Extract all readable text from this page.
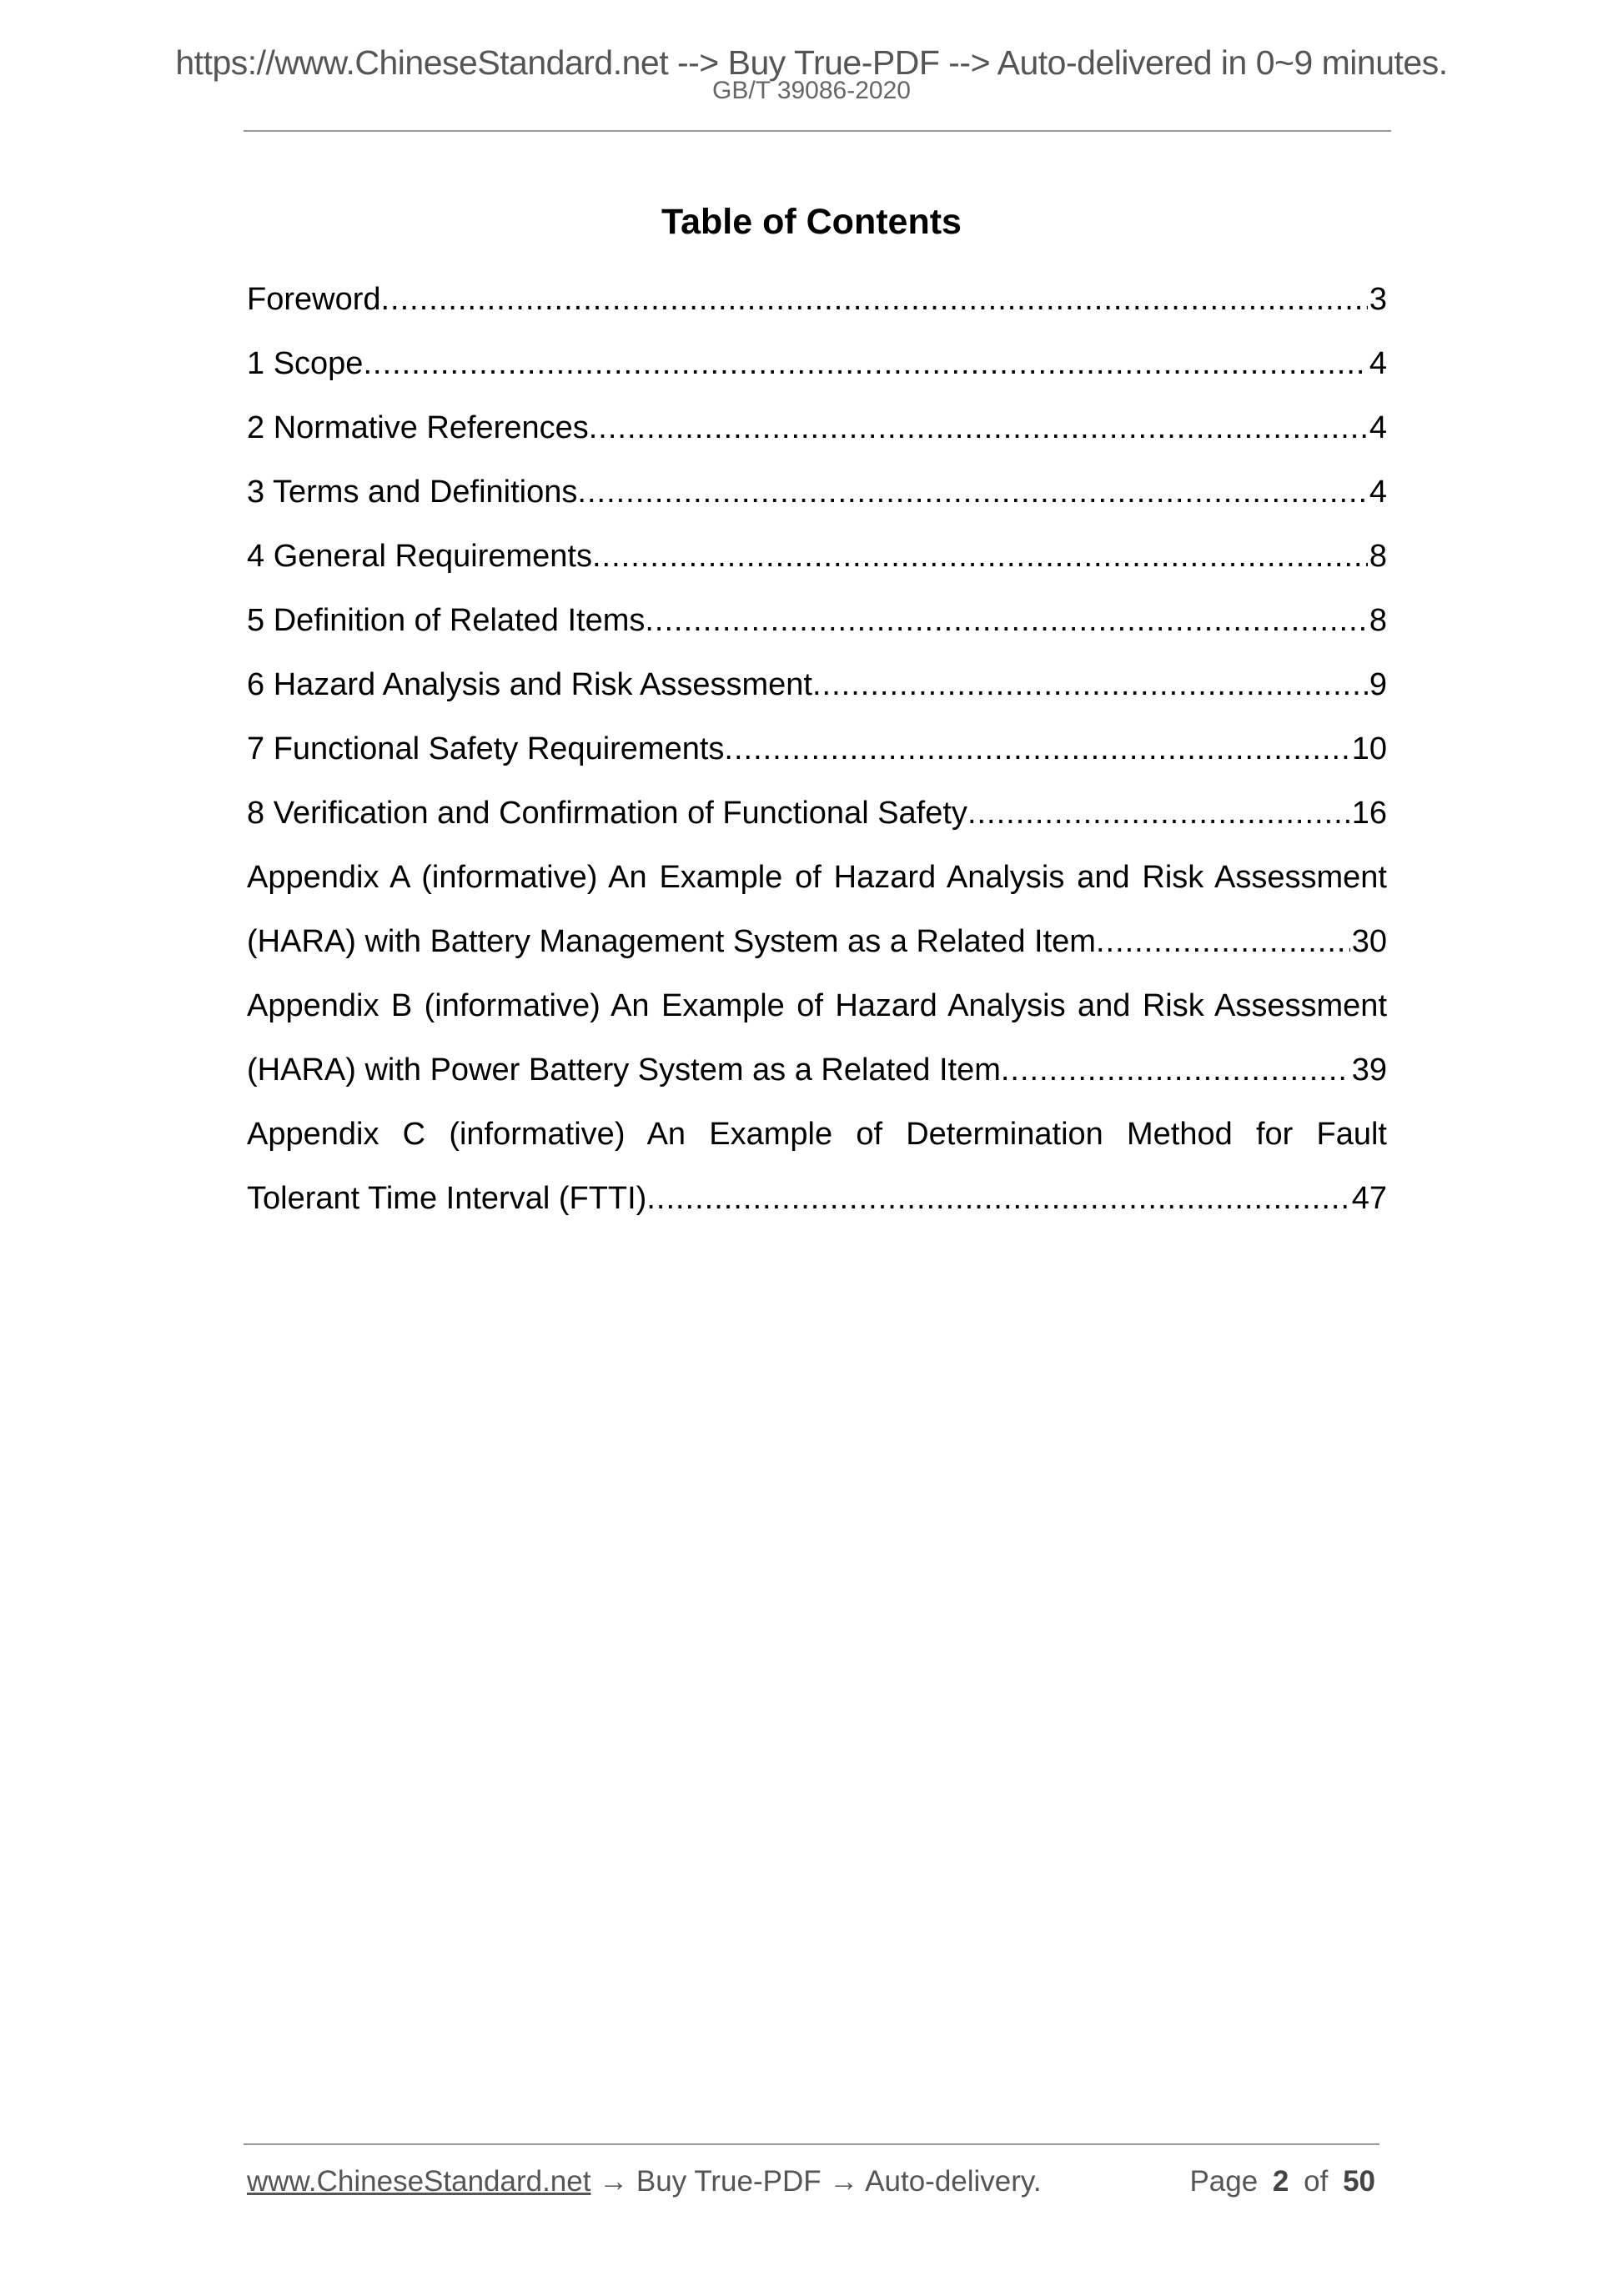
https://www.ChineseStandard.net --> Buy True-PDF --> Auto-delivered in 0~9 minutes.
GB/T 39086-2020
Table of Contents
Foreword .....	3
1 Scope .....	4
2 Normative References .....	4
3 Terms and Definitions .....	4
4 General Requirements .....	8
5 Definition of Related Items .....	8
6 Hazard Analysis and Risk Assessment .....	9
7 Functional Safety Requirements .....	10
8 Verification and Confirmation of Functional Safety .....	16
Appendix A (informative) An Example of Hazard Analysis and Risk Assessment
(HARA) with Battery Management System as a Related Item .....	30
Appendix B (informative) An Example of Hazard Analysis and Risk Assessment
(HARA) with Power Battery System as a Related Item .....	39
Appendix C (informative) An Example of Determination Method for Fault
Tolerant Time Interval (FTTI) .....	47
www.ChineseStandard.net → Buy True-PDF → Auto-delivery.	Page 2 of 50
